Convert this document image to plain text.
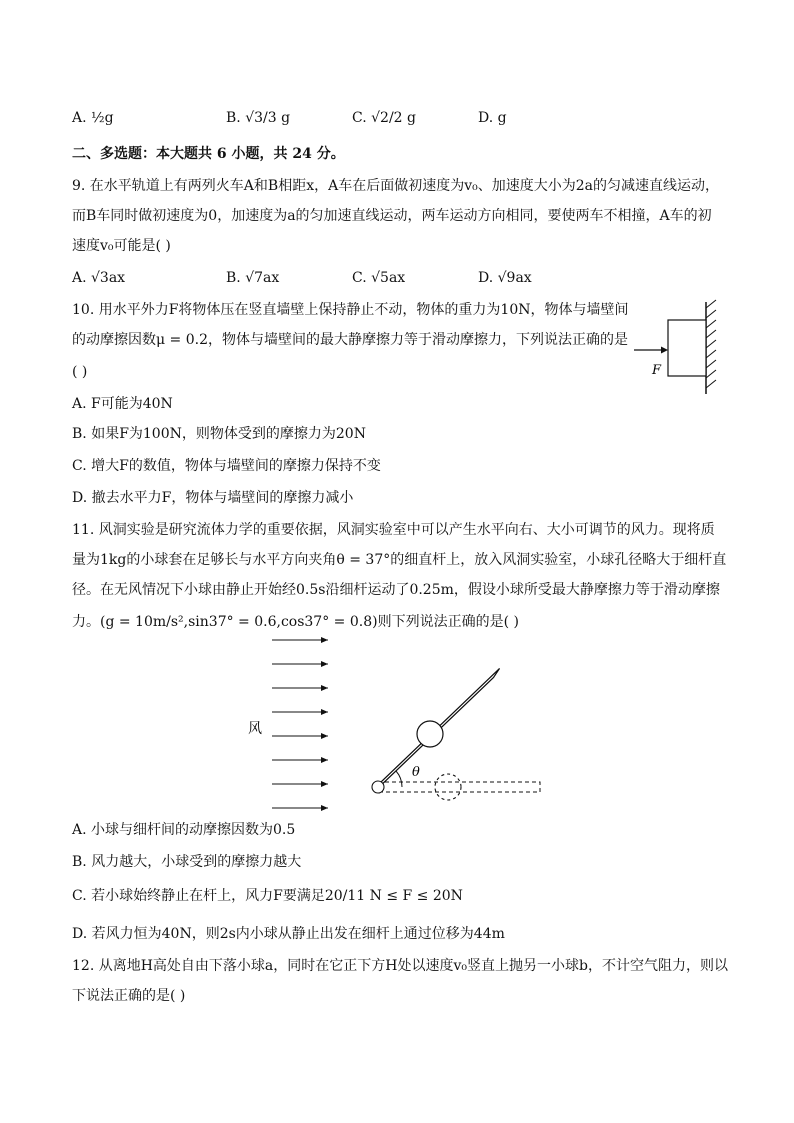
A. ½g	B. √3/3 g	C. √2/2 g	D. g
二、多选题：本大题共 6 小题，共 24 分。
9. 在水平轨道上有两列火车A和B相距x，A车在后面做初速度为v₀、加速度大小为2a的匀减速直线运动，
而B车同时做初速度为0，加速度为a的匀加速直线运动，两车运动方向相同，要使两车不相撞，A车的初
速度v₀可能是( )
A. √3ax	B. √7ax	C. √5ax	D. √9ax
10. 用水平外力F将物体压在竖直墙壁上保持静止不动，物体的重力为10N，物体与墙壁间
的动摩擦因数μ = 0.2，物体与墙壁间的最大静摩擦力等于滑动摩擦力，下列说法正确的是
( )	F
A. F可能为40N
B. 如果F为100N，则物体受到的摩擦力为20N
C. 增大F的数值，物体与墙壁间的摩擦力保持不变
D. 撤去水平力F，物体与墙壁间的摩擦力减小
11. 风洞实验是研究流体力学的重要依据，风洞实验室中可以产生水平向右、大小可调节的风力。现将质
量为1kg的小球套在足够长与水平方向夹角θ = 37°的细直杆上，放入风洞实验室，小球孔径略大于细杆直
径。在无风情况下小球由静止开始经0.5s沿细杆运动了0.25m，假设小球所受最大静摩擦力等于滑动摩擦
力。(g = 10m/s²,sin37° = 0.6,cos37° = 0.8)则下列说法正确的是( )
风
θ
A. 小球与细杆间的动摩擦因数为0.5
B. 风力越大，小球受到的摩擦力越大
C. 若小球始终静止在杆上，风力F要满足20/11 N ≤ F ≤ 20N
D. 若风力恒为40N，则2s内小球从静止出发在细杆上通过位移为44m
12. 从离地H高处自由下落小球a，同时在它正下方H处以速度v₀竖直上抛另一小球b，不计空气阻力，则以
下说法正确的是( )
